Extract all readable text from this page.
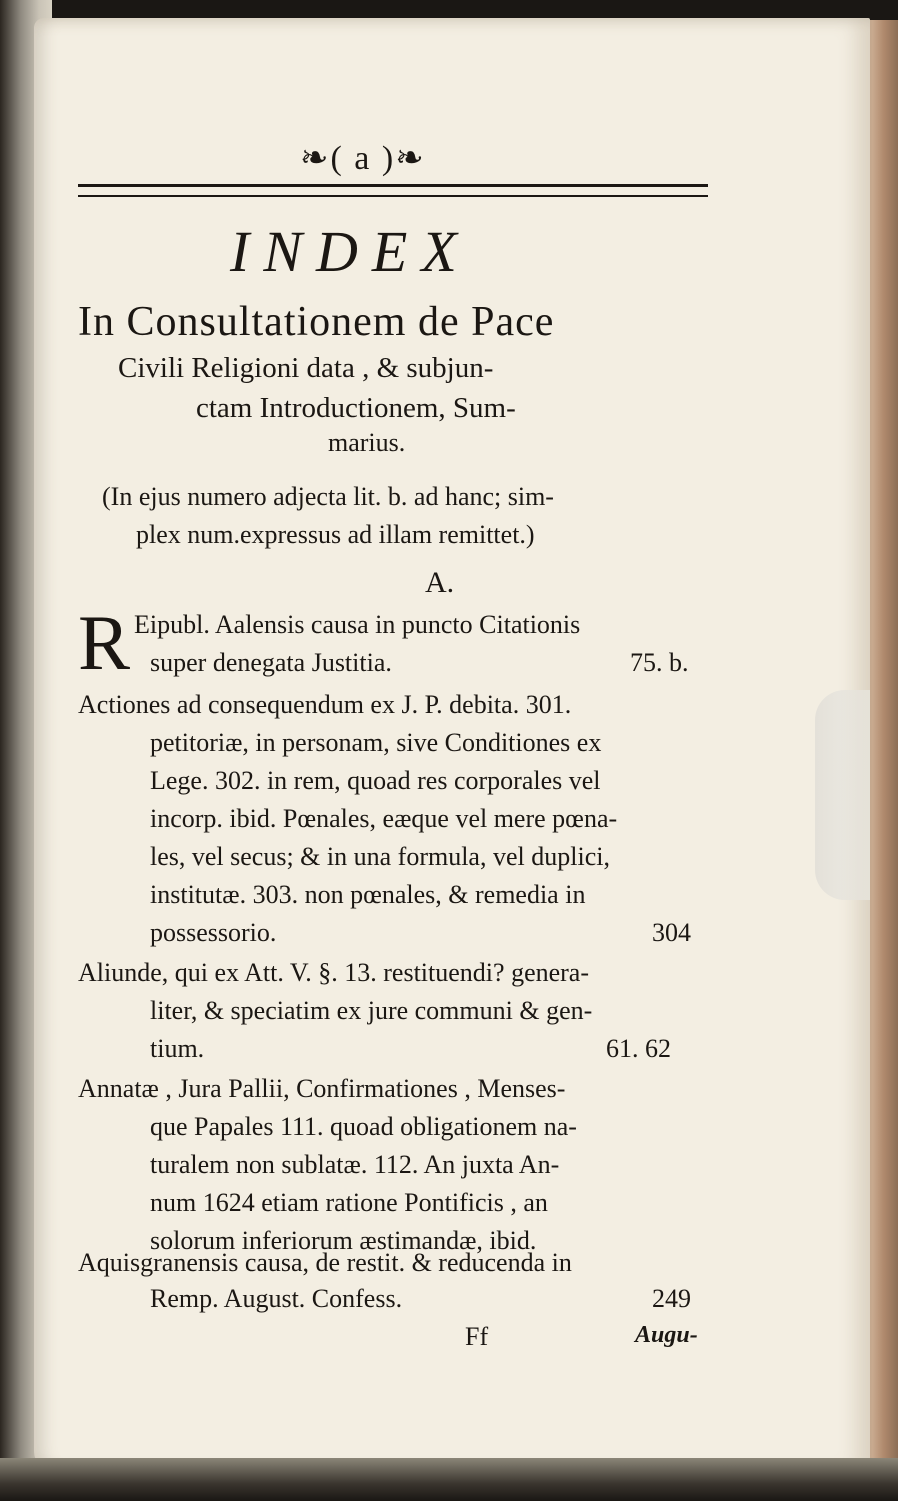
❧( a )❧
INDEX
In Consultationem de Pace
Civili Religioni data , & subjun-
ctam Introductionem, Sum-
marius.
(In ejus numero adjecta lit. b. ad hanc; sim-
plex num.expressus ad illam remittet.)
A.
R Eipubl. Aalensis causa in puncto Citationis
super denegata Justitia.	75. b.
Actiones ad consequendum ex J. P. debita. 301.
petitoriæ, in personam, sive Conditiones ex
Lege. 302. in rem, quoad res corporales vel
incorp. ibid. Pœnales, eæque vel mere pœna-
les, vel secus; & in una formula, vel duplici,
institutæ. 303. non pœnales, & remedia in
possessorio.	304
Aliunde, qui ex Att. V. §. 13. restituendi? genera-
liter, & speciatim ex jure communi & gen-
tium.	61. 62
Annatæ , Jura Pallii, Confirmationes , Menses-
que Papales 111. quoad obligationem na-
turalem non sublatæ. 112. An juxta An-
num 1624 etiam ratione Pontificis , an
solorum inferiorum æstimandæ, ibid.
Aquisgranensis causa, de restit. & reducenda in
Remp. August. Confess.	249
Ff	Augu-
